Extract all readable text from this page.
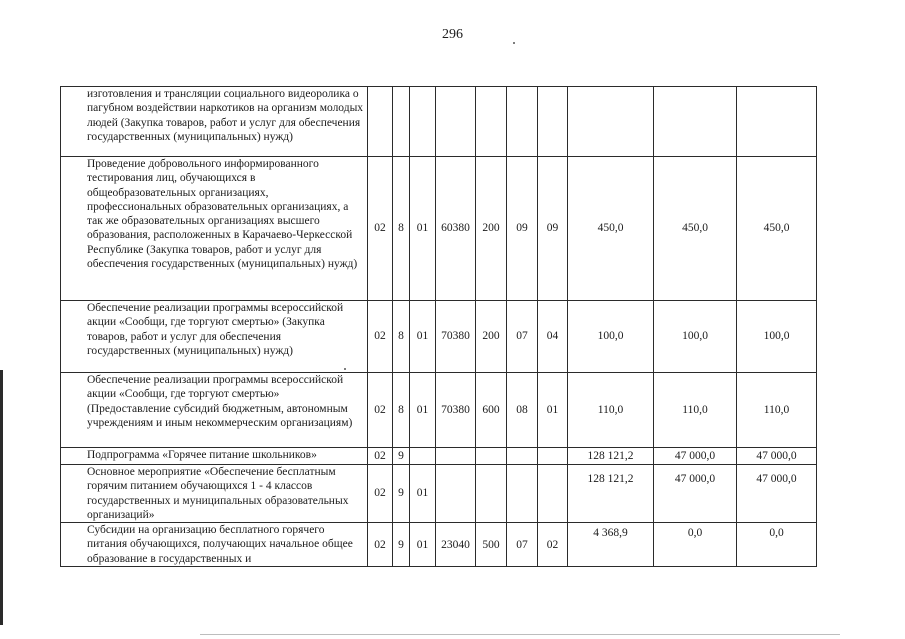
296
изготовления и трансляции социального видеоролика о пагубном воздействии наркотиков на организм молодых людей (Закупка товаров, работ и услуг для обеспечения государственных (муниципальных) нужд)										
Проведение добровольного информированного тестирования лиц, обучающихся в общеобразовательных организациях, профессиональных образовательных организациях, а так же образовательных организациях высшего образования, расположенных в Карачаево-Черкесской Республике (Закупка товаров, работ и услуг для обеспечения государственных (муниципальных) нужд)	02	8	01	60380	200	09	09	450,0	450,0	450,0
Обеспечение реализации программы всероссийской акции «Сообщи, где торгуют смертью» (Закупка товаров, работ и услуг для обеспечения государственных (муниципальных) нужд)	02	8	01	70380	200	07	04	100,0	100,0	100,0
Обеспечение реализации программы всероссийской акции «Сообщи, где торгуют смертью» (Предоставление субсидий бюджетным, автономным учреждениям и иным некоммерческим организациям)	02	8	01	70380	600	08	01	110,0	110,0	110,0
Подпрограмма «Горячее питание школьников»	02	9						128 121,2	47 000,0	47 000,0
Основное мероприятие «Обеспечение бесплатным горячим питанием обучающихся 1 - 4 классов государственных и муниципальных образовательных организаций»	02	9	01					128 121,2	47 000,0	47 000,0
Субсидии на организацию бесплатного горячего питания обучающихся, получающих начальное общее образование в государственных и	02	9	01	23040	500	07	02	4 368,9	0,0	0,0
